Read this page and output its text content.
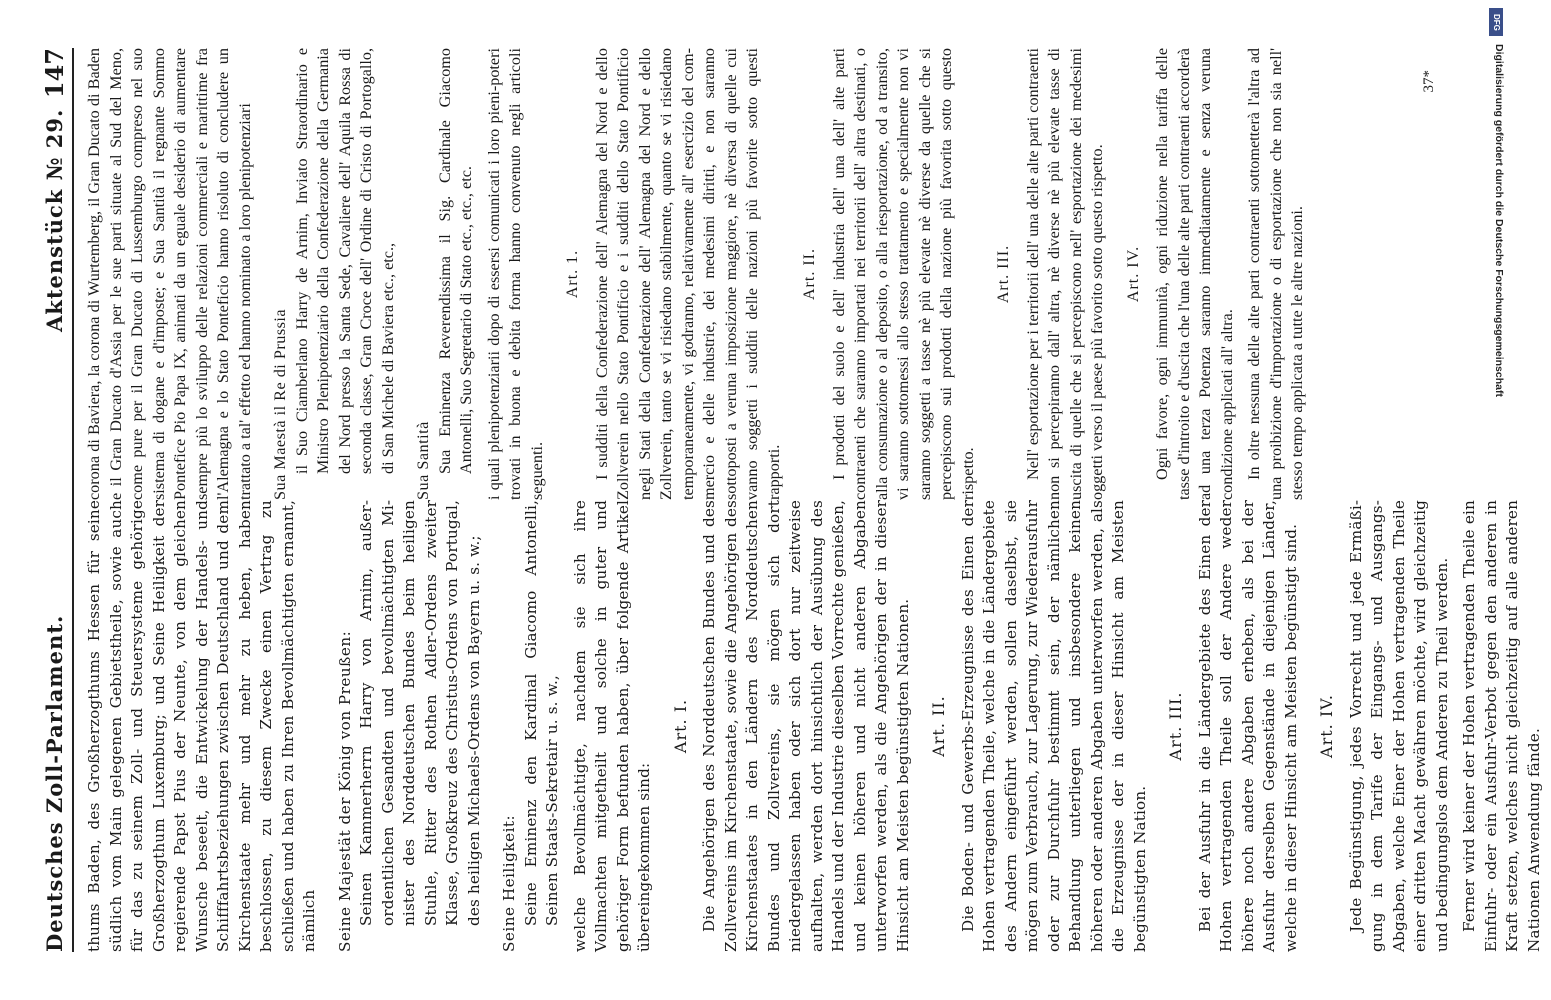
Deutsches Zoll-Parlament.
Aktenstück № 29.
147

thums Baden, des Großherzogthums Hessen für seine südlich vom Main gelegenen Gebietstheile, sowie auch für das zu seinem Zoll- und Steuersysteme gehörige Großherzogthum Luxemburg; und Seine Heiligkeit der regierende Papst Pius der Neunte, von dem gleichen Wunsche beseelt, die Entwickelung der Handels- und Schifffahrtsbeziehungen zwischen Deutschland und dem Kirchenstaate mehr und mehr zu heben, haben beschlossen, zu diesem Zwecke einen Vertrag zu schließen und haben zu Ihren Bevollmächtigten ernannt, nämlich Seine Majestät der König von Preußen: Seinen Kammerherrn Harry von Arnim, außerordentlichen Gesandten und bevollmächtigten Minister des Norddeutschen Bundes beim heiligen Stuhle, Ritter des Rothen Adler-Ordens zweiter Klasse, Großkreuz des Christus-Ordens von Portugal, des heiligen Michaels-Ordens von Bayern u. s. w.; Seine Heiligkeit: Seine Eminenz den Kardinal Giacomo Antonelli, Seinen Staats-Sekretair u. s. w., welche Bevollmächtigte, nachdem sie sich ihre Vollmachten mitgetheilt und solche in guter und gehöriger Form befunden haben, über folgende Artikel übereingekommen sind:

Art. I. Die Angehörigen des Norddeutschen Bundes und des Zollvereins im Kirchenstaate, sowie die Angehörigen des Kirchenstaates in den Ländern des Norddeutschen Bundes und Zollvereins, sie mögen sich dort niedergelassen haben oder sich dort nur zeitweise aufhalten, werden dort hinsichtlich der Ausübung des Handels und der Industrie dieselben Vorrechte genießen, und keinen höheren und nicht anderen Abgaben unterworfen werden, als die Angehörigen der in dieser Hinsicht am Meisten begünstigten Nationen. Art. II. Die Boden- und Gewerbs-Erzeugnisse des Einen der Hohen vertragenden Theile, welche in die Ländergebiete des Andern eingeführt werden, sollen daselbst, sie mögen zum Verbrauch, zur Lagerung, zur Wiederausfuhr oder zur Durchfuhr bestimmt sein, der nämlichen Behandlung unterliegen und insbesondere keinen höheren oder anderen Abgaben unterworfen werden, als die Erzeugnisse der in dieser Hinsicht am Meisten begünstigten Nation.

Art. III. Bei der Ausfuhr in die Ländergebiete des Einen der Hohen vertragenden Theile soll der Andere weder höhere noch andere Abgaben erheben, als bei der Ausfuhr derselben Gegenstände in diejenigen Länder, welche in dieser Hinsicht am Meisten begünstigt sind. Art. IV. Jede Begünstigung, jedes Vorrecht und jede Ermäßigung in dem Tarife der Eingangs- und Ausgangs-Abgaben, welche Einer der Hohen vertragenden Theile einer dritten Macht gewähren möchte, wird gleichzeitig und bedingungslos dem Anderen zu Theil werden. Ferner wird keiner der Hohen vertragenden Theile ein Einfuhr- oder ein Ausfuhr-Verbot gegen den anderen in Kraft setzen, welches nicht gleichzeitig auf alle anderen Nationen Anwendung fände.

corona di Baviera, la corona di Wurtemberg, il Gran Ducato di Baden e il Gran Ducato d'Assia per le sue parti situate al Sud del Meno, come pure per il Gran Ducato di Lussemburgo compreso nel suo sistema di dogane e d'imposte; e Sua Santità il regnante Sommo Pontefice Pio Papa IX, animati da un eguale desiderio di aumentare sempre più lo sviluppo delle relazioni commerciali e marittime fra l'Alemagna e lo Stato Ponteficio hanno risoluto di concludere un trattato a tal' effetto ed hanno nominato a loro plenipotenziari Sua Maestà il Re di Prussia il Suo Ciamberlano Harry de Arnim, Inviato Straordinario e Ministro Plenipotenziario della Confederazione della Germania del Nord presso la Santa Sede, Cavaliere dell' Aquila Rossa di seconda classe, Gran Croce dell' Ordine di Cristo di Portogallo, di San Michele di Baviera etc., etc., Sua Santità Sua Eminenza Reverendissima il Sig. Cardinale Giacomo Antonelli, Suo Segretario di Stato etc., etc., etc. i quali plenipotenziarii dopo di essersi comunicati i loro pieni-poteri trovati in buona e debita forma hanno convenuto negli articoli seguenti.

Art. 1. I sudditi della Confederazione dell' Alemagna del Nord e dello Zollverein nello Stato Pontificio e i sudditi dello Stato Pontificio negli Stati della Confederazione dell' Alemagna del Nord e dello Zollverein, tanto se vi risiedano stabilmente, quanto se vi risiedano temporaneamente, vi godranno, relativamente all' esercizio del commercio e delle industrie, dei medesimi diritti, e non saranno sottoposti a veruna imposizione maggiore, nè diversa di quelle cui vanno soggetti i sudditi delle nazioni più favorite sotto questi rapporti.

Art. II. I prodotti del suolo e dell' industria dell' una dell' alte parti contraenti che saranno importati nei territorii dell' altra destinati, o alla consumazione o al deposito, o alla riesportazione, od a transito, vi saranno sottomessi allo stesso trattamento e specialmente non vi saranno soggetti a tasse nè più elevate nè diverse da quelle che si percepiscono sui prodotti della nazione più favorita sotto questo rispetto.

Art. III. Nell' esportazione per i territorii dell' una delle alte parti contraenti non si percepiranno dall' altra, nè diverse nè più elevate tasse di uscita di quelle che si percepiscono nell' esportazione dei medesimi oggetti verso il paese più favorito sotto questo rispetto. Art. IV. Ogni favore, ogni immunità, ogni riduzione nella tariffa delle tasse d'introito e d'uscita che l'una delle alte parti contraenti accorderà ad una terza Potenza saranno immediatamente e senza veruna condizione applicati all' altra. In oltre nessuna delle alte parti contraenti sottometterà l'altra ad una proibizione d'importazione o di esportazione che non sia nell' stesso tempo applicata a tutte le altre nazioni.

37*
DFG
Digitalisierung gefördert durch die Deutsche Forschungsgemeinschaft
